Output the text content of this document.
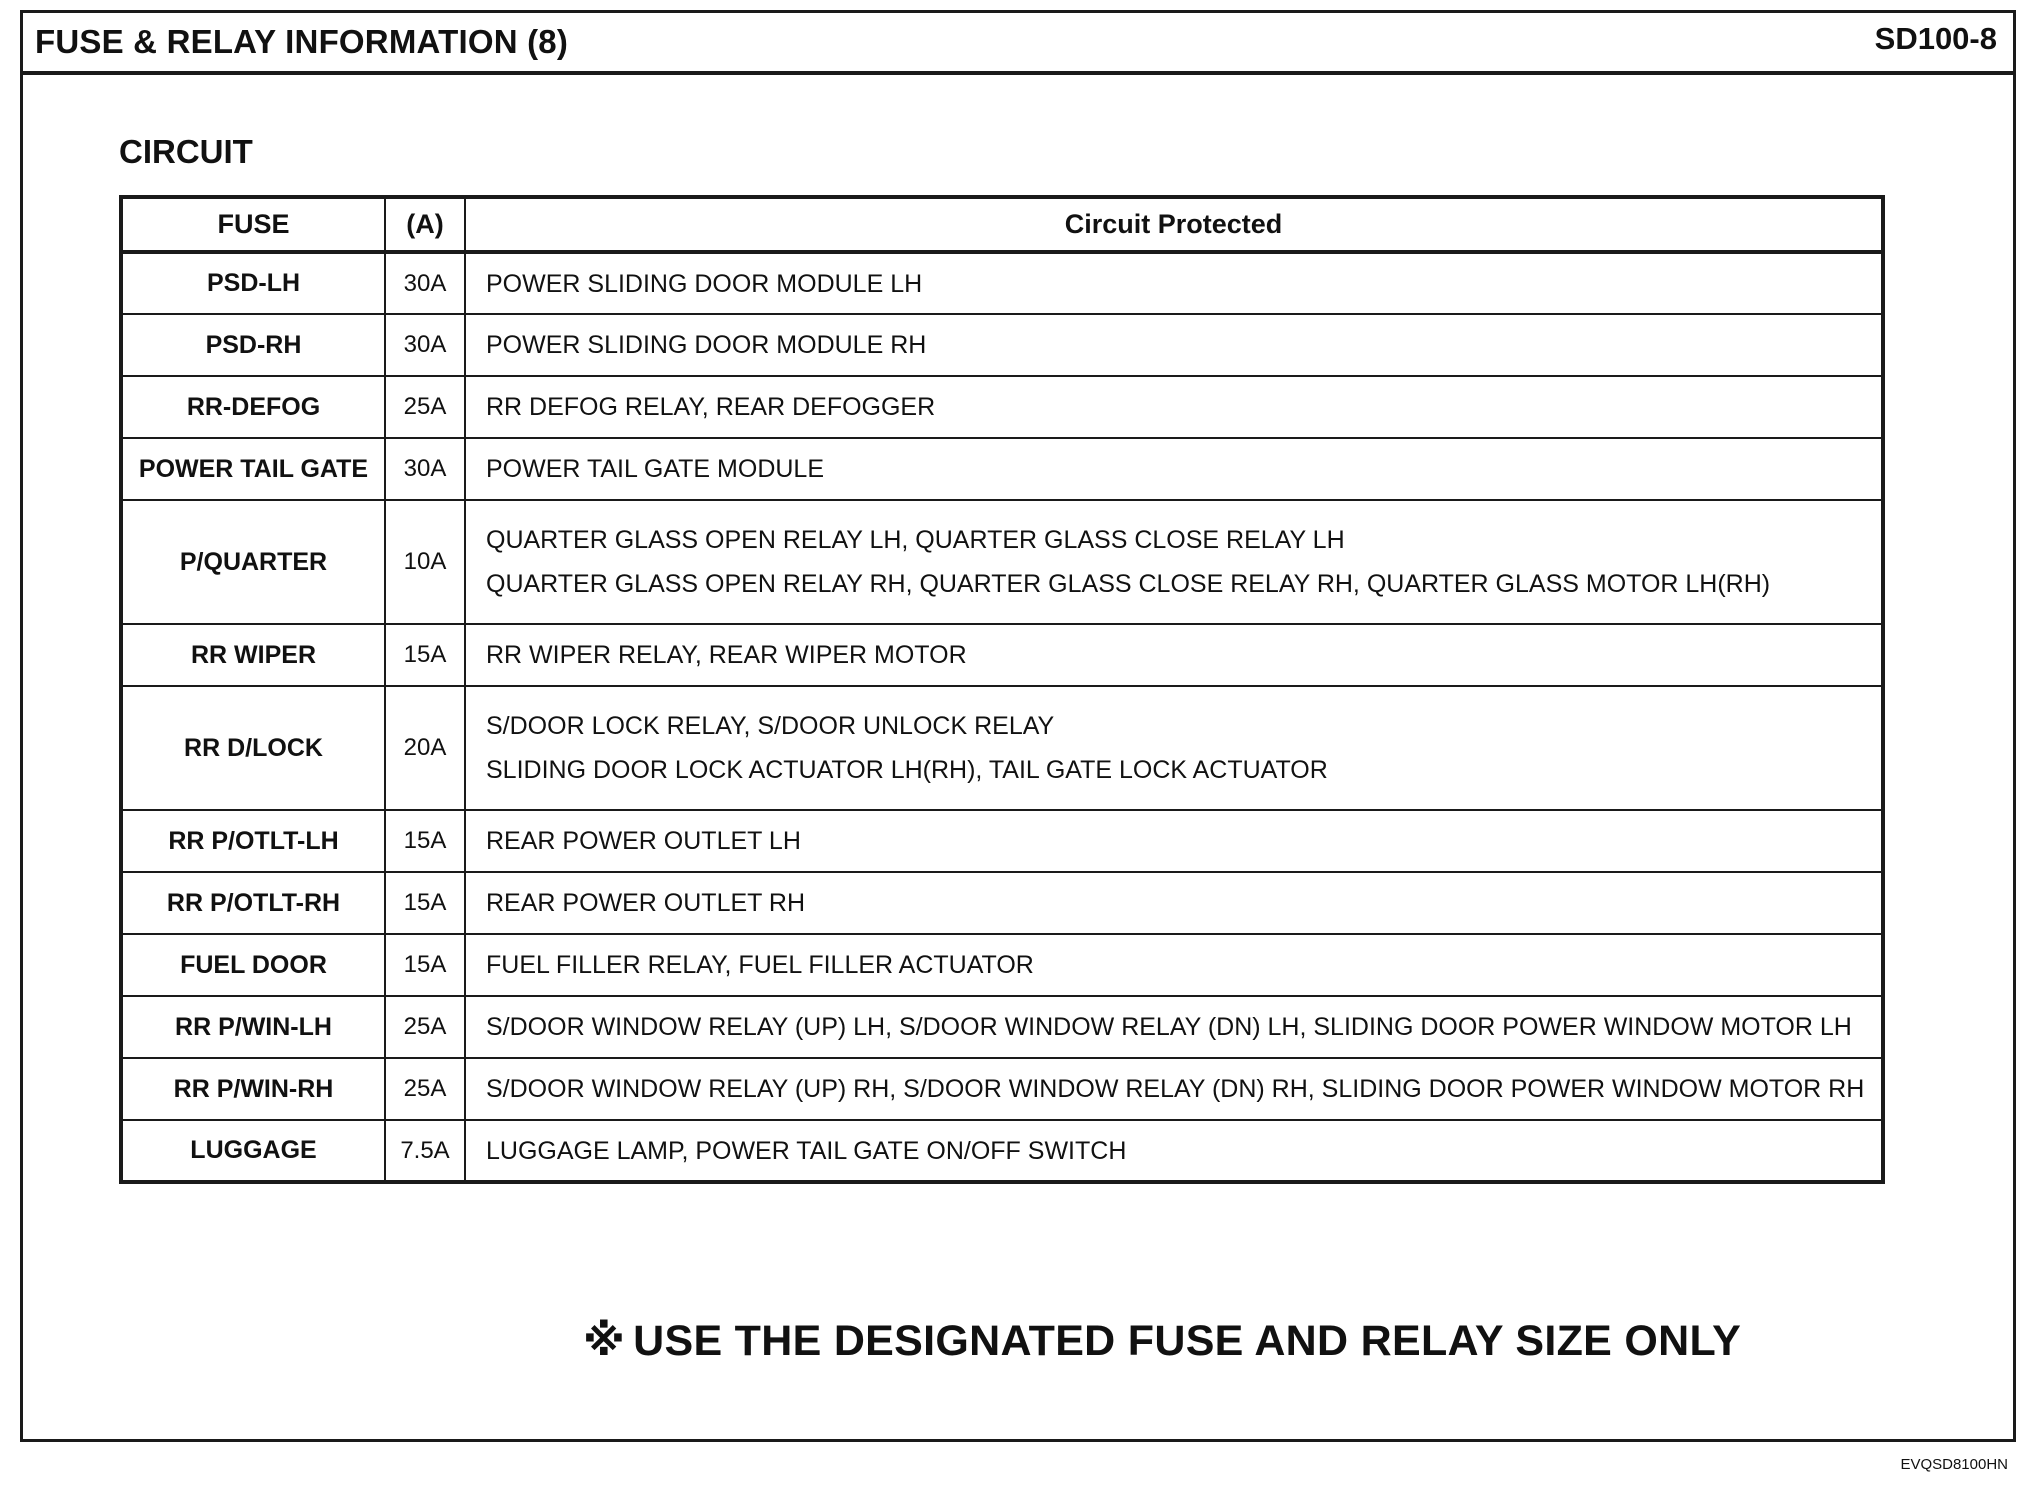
FUSE & RELAY INFORMATION (8)	SD100-8
CIRCUIT
FUSE	(A)	Circuit Protected
PSD-LH	30A	POWER SLIDING DOOR MODULE LH

PSD-RH	30A	POWER SLIDING DOOR MODULE RH

RR-DEFOG	25A	RR DEFOG RELAY, REAR DEFOGGER

POWER TAIL GATE	30A	POWER TAIL GATE MODULE

P/QUARTER	10A	QUARTER GLASS OPEN RELAY LH, QUARTER GLASS CLOSE RELAY LH
QUARTER GLASS OPEN RELAY RH, QUARTER GLASS CLOSE RELAY RH, QUARTER GLASS MOTOR LH(RH)

RR WIPER	15A	RR WIPER RELAY, REAR WIPER MOTOR

RR D/LOCK	20A	S/DOOR LOCK RELAY, S/DOOR UNLOCK RELAY
SLIDING DOOR LOCK ACTUATOR LH(RH), TAIL GATE LOCK ACTUATOR

RR P/OTLT-LH	15A	REAR POWER OUTLET LH

RR P/OTLT-RH	15A	REAR POWER OUTLET RH

FUEL DOOR	15A	FUEL FILLER RELAY, FUEL FILLER ACTUATOR

RR P/WIN-LH	25A	S/DOOR WINDOW RELAY (UP) LH, S/DOOR WINDOW RELAY (DN) LH, SLIDING DOOR POWER WINDOW MOTOR LH

RR P/WIN-RH	25A	S/DOOR WINDOW RELAY (UP) RH, S/DOOR WINDOW RELAY (DN) RH, SLIDING DOOR POWER WINDOW MOTOR RH

LUGGAGE	7.5A	LUGGAGE LAMP, POWER TAIL GATE ON/OFF SWITCH
※ USE THE DESIGNATED FUSE AND RELAY SIZE ONLY
EVQSD8100HN
